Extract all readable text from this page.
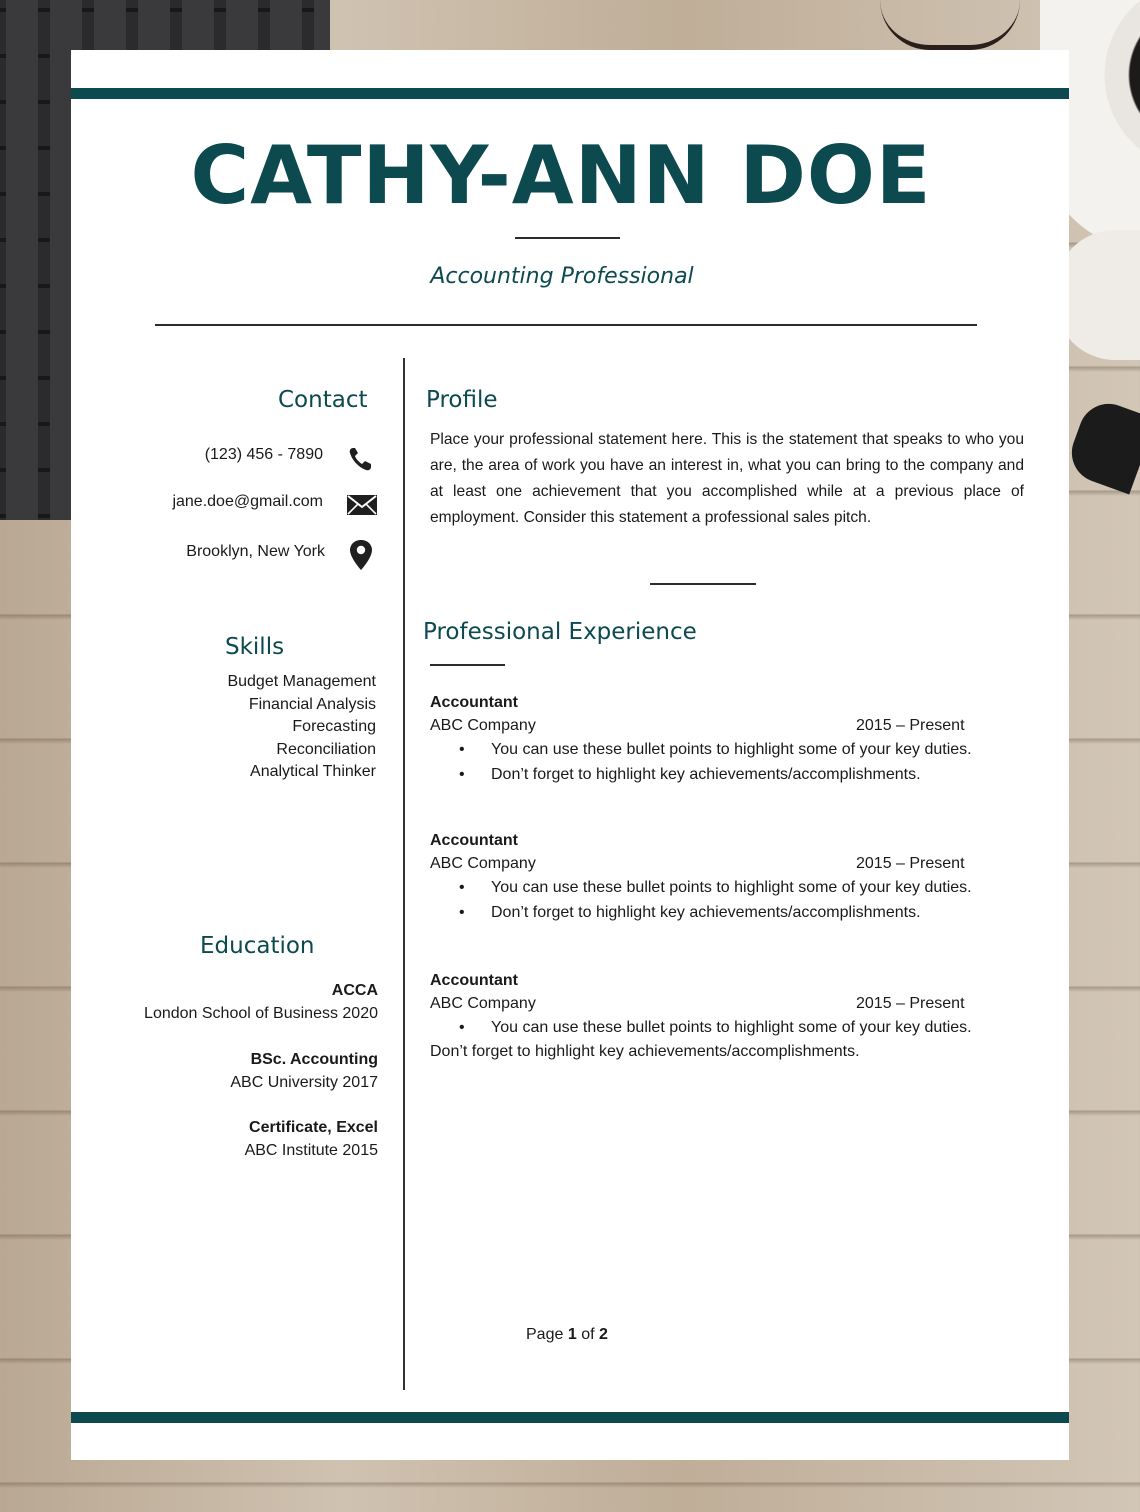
CATHY-ANN DOE
Accounting Professional
Contact
(123) 456 - 7890
jane.doe@gmail.com
Brooklyn, New York
Skills
Budget Management
Financial Analysis
Forecasting
Reconciliation
Analytical Thinker
Education
ACCA
London School of Business 2020
BSc. Accounting
ABC University 2017
Certificate, Excel
ABC Institute 2015
Profile
Place your professional statement here. This is the statement that speaks to who you are, the area of work you have an interest in, what you can bring to the company and at least one achievement that you accomplished while at a previous place of employment. Consider this statement a professional sales pitch.
Professional Experience
Accountant
ABC Company	2015 – Present
• You can use these bullet points to highlight some of your key duties.
• Don’t forget to highlight key achievements/accomplishments.
Accountant
ABC Company	2015 – Present
• You can use these bullet points to highlight some of your key duties.
• Don’t forget to highlight key achievements/accomplishments.
Accountant
ABC Company	2015 – Present
• You can use these bullet points to highlight some of your key duties.
Don’t forget to highlight key achievements/accomplishments.
Page 1 of 2
